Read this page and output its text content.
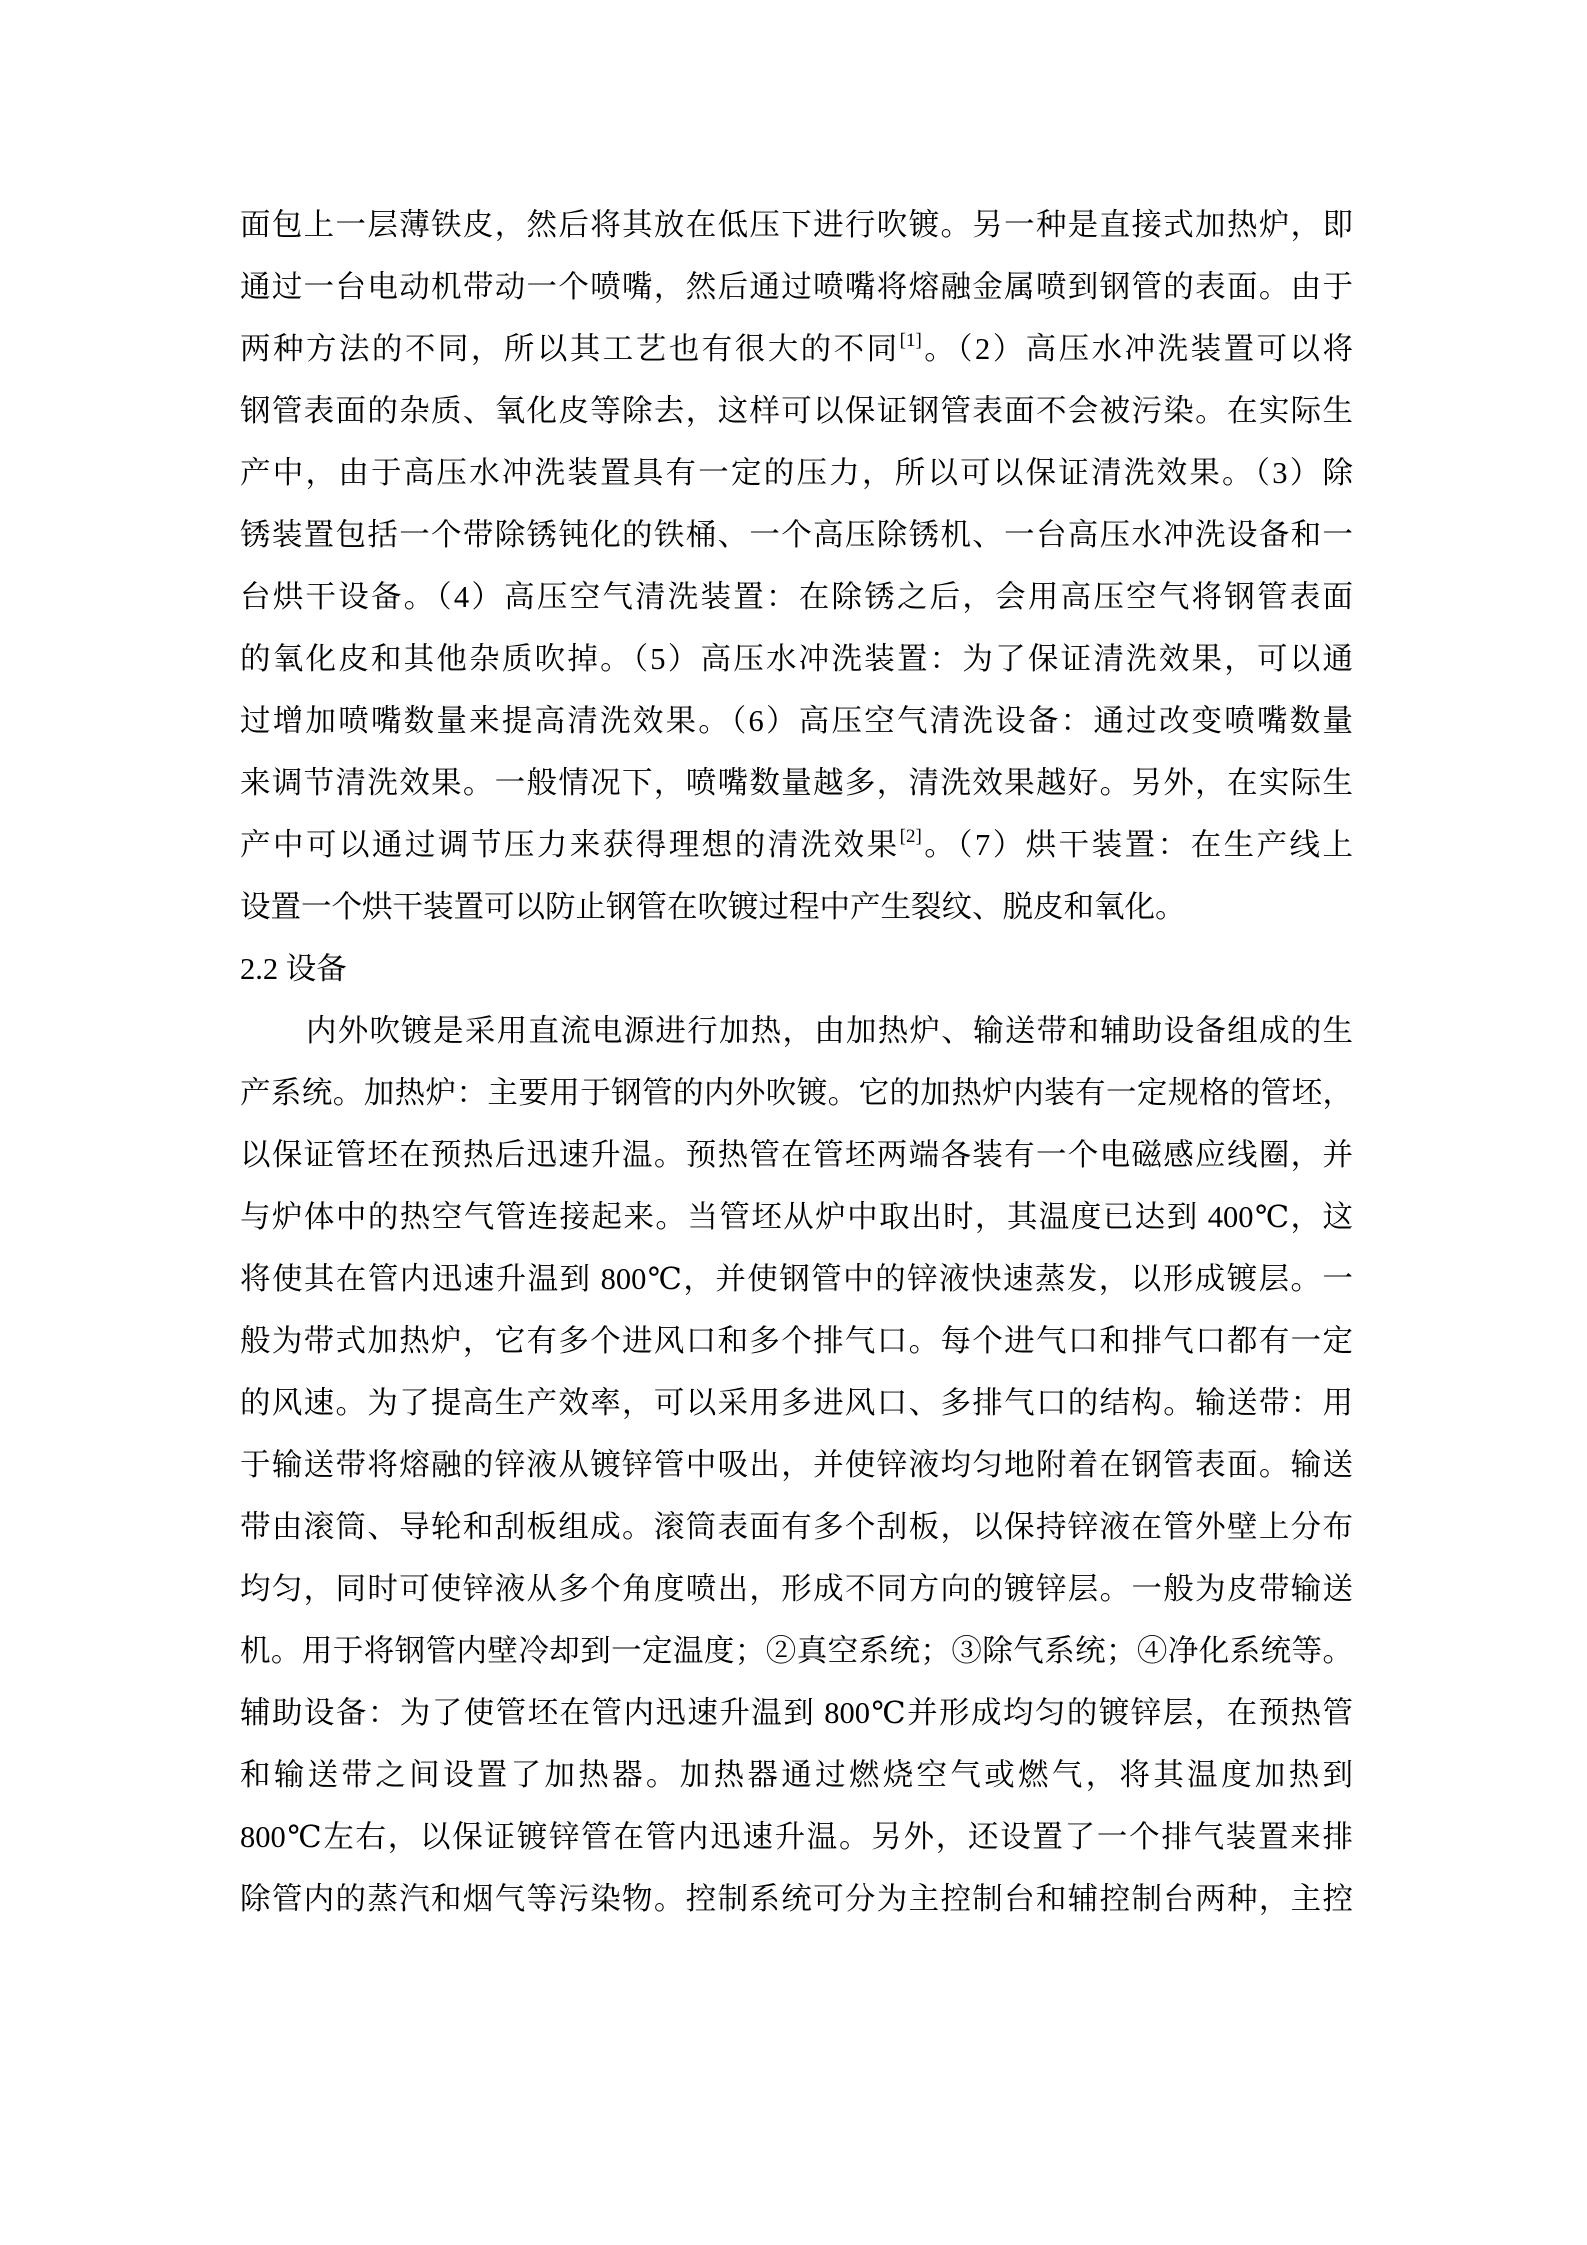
面包上一层薄铁皮，然后将其放在低压下进行吹镀。另一种是直接式加热炉，即
通过一台电动机带动一个喷嘴，然后通过喷嘴将熔融金属喷到钢管的表面。由于
两种方法的不同，所以其工艺也有很大的不同[1]。（2）高压水冲洗装置可以将
钢管表面的杂质、氧化皮等除去，这样可以保证钢管表面不会被污染。在实际生
产中，由于高压水冲洗装置具有一定的压力，所以可以保证清洗效果。（3）除
锈装置包括一个带除锈钝化的铁桶、一个高压除锈机、一台高压水冲洗设备和一
台烘干设备。（4）高压空气清洗装置：在除锈之后，会用高压空气将钢管表面
的氧化皮和其他杂质吹掉。（5）高压水冲洗装置：为了保证清洗效果，可以通
过增加喷嘴数量来提高清洗效果。（6）高压空气清洗设备：通过改变喷嘴数量
来调节清洗效果。一般情况下，喷嘴数量越多，清洗效果越好。另外，在实际生
产中可以通过调节压力来获得理想的清洗效果[2]。（7）烘干装置：在生产线上
设置一个烘干装置可以防止钢管在吹镀过程中产生裂纹、脱皮和氧化。
2.2 设备
内外吹镀是采用直流电源进行加热，由加热炉、输送带和辅助设备组成的生
产系统。加热炉：主要用于钢管的内外吹镀。它的加热炉内装有一定规格的管坯，
以保证管坯在预热后迅速升温。预热管在管坯两端各装有一个电磁感应线圈，并
与炉体中的热空气管连接起来。当管坯从炉中取出时，其温度已达到 400℃，这
将使其在管内迅速升温到 800℃，并使钢管中的锌液快速蒸发，以形成镀层。一
般为带式加热炉，它有多个进风口和多个排气口。每个进气口和排气口都有一定
的风速。为了提高生产效率，可以采用多进风口、多排气口的结构。输送带：用
于输送带将熔融的锌液从镀锌管中吸出，并使锌液均匀地附着在钢管表面。输送
带由滚筒、导轮和刮板组成。滚筒表面有多个刮板，以保持锌液在管外壁上分布
均匀，同时可使锌液从多个角度喷出，形成不同方向的镀锌层。一般为皮带输送
机。用于将钢管内壁冷却到一定温度；②真空系统；③除气系统；④净化系统等。
辅助设备：为了使管坯在管内迅速升温到 800℃并形成均匀的镀锌层，在预热管
和输送带之间设置了加热器。加热器通过燃烧空气或燃气，将其温度加热到
800℃左右，以保证镀锌管在管内迅速升温。另外，还设置了一个排气装置来排
除管内的蒸汽和烟气等污染物。控制系统可分为主控制台和辅控制台两种，主控
